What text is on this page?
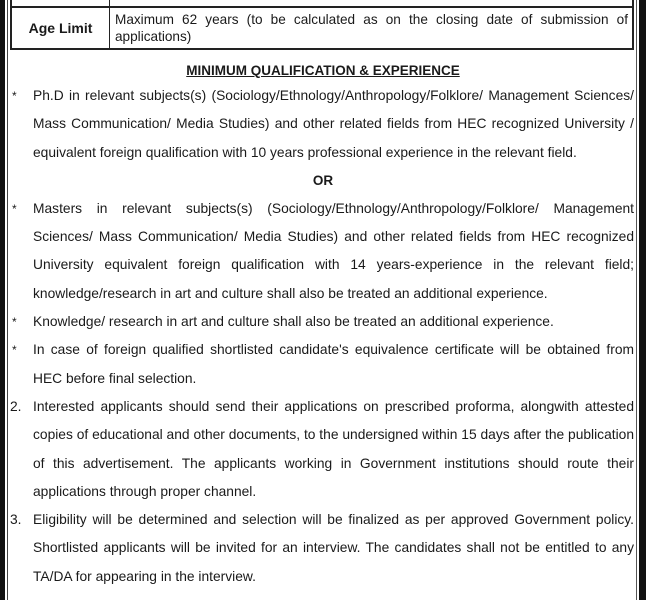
Age Limit
Maximum 62 years (to be calculated as on the closing date of submission of applications)

MINIMUM QUALIFICATION & EXPERIENCE

* Ph.D in relevant subjects(s) (Sociology/Ethnology/Anthropology/Folklore/ Management Sciences/ Mass Communication/ Media Studies) and other related fields from HEC recognized University / equivalent foreign qualification with 10 years professional experience in the relevant field.

OR

* Masters in relevant subjects(s) (Sociology/Ethnology/Anthropology/Folklore/ Management Sciences/ Mass Communication/ Media Studies) and other related fields from HEC recognized University equivalent foreign qualification with 14 years-experience in the relevant field; knowledge/research in art and culture shall also be treated an additional experience.
* Knowledge/ research in art and culture shall also be treated an additional experience.
* In case of foreign qualified shortlisted candidate's equivalence certificate will be obtained from HEC before final selection.
2. Interested applicants should send their applications on prescribed proforma, alongwith attested copies of educational and other documents, to the undersigned within 15 days after the publication of this advertisement. The applicants working in Government institutions should route their applications through proper channel.
3. Eligibility will be determined and selection will be finalized as per approved Government policy. Shortlisted applicants will be invited for an interview. The candidates shall not be entitled to any TA/DA for appearing in the interview.
